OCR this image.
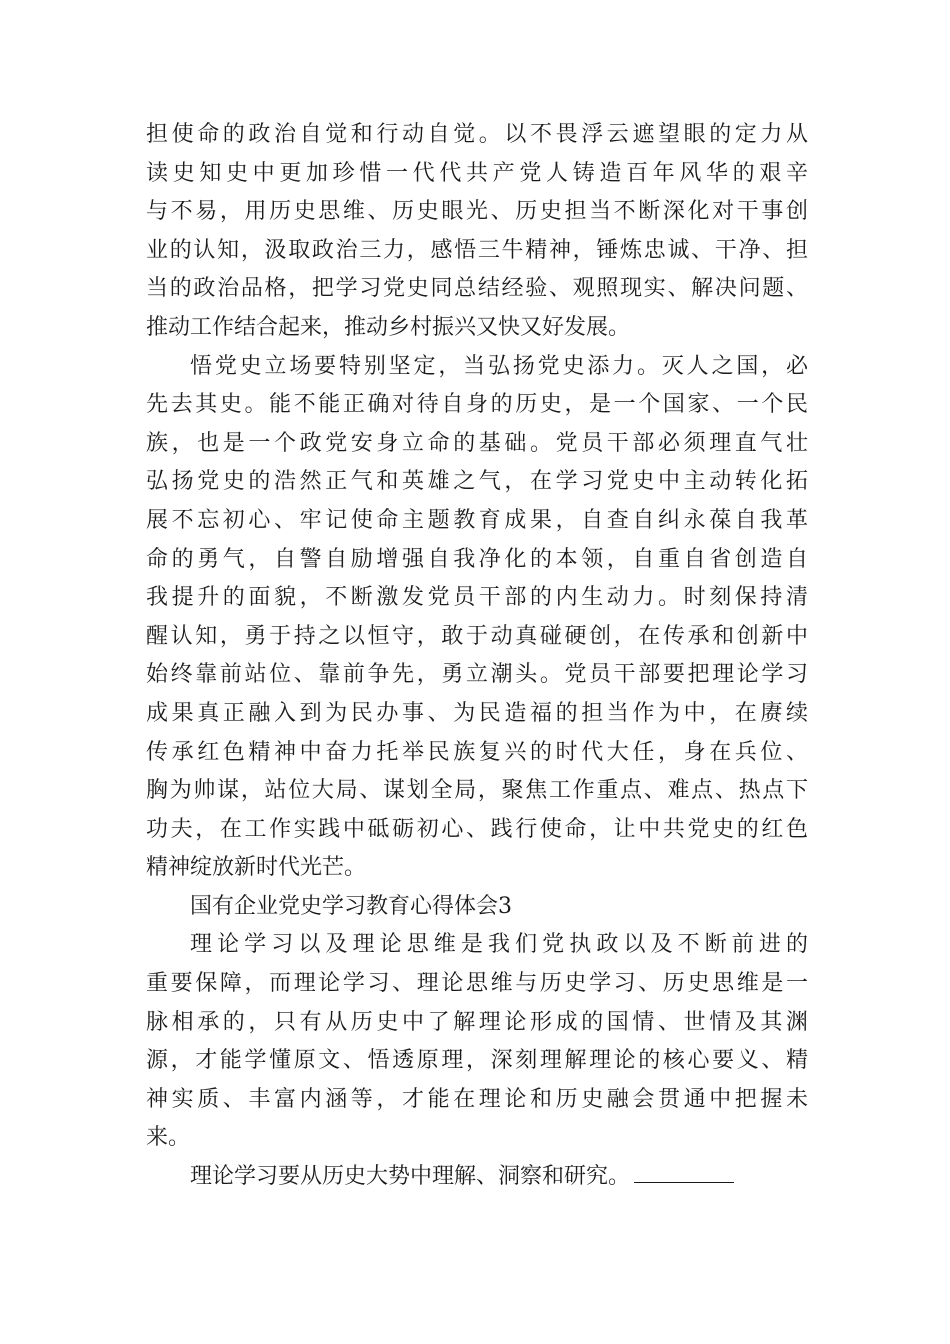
担使命的政治自觉和行动自觉。以不畏浮云遮望眼的定力从
读史知史中更加珍惜一代代共产党人铸造百年风华的艰辛
与不易，用历史思维、历史眼光、历史担当不断深化对干事创
业的认知，汲取政治三力，感悟三牛精神，锤炼忠诚、干净、担
当的政治品格，把学习党史同总结经验、观照现实、解决问题、
推动工作结合起来，推动乡村振兴又快又好发展。
悟党史立场要特别坚定，当弘扬党史添力。灭人之国，必
先去其史。能不能正确对待自身的历史，是一个国家、一个民
族，也是一个政党安身立命的基础。党员干部必须理直气壮
弘扬党史的浩然正气和英雄之气，在学习党史中主动转化拓
展不忘初心、牢记使命主题教育成果，自查自纠永葆自我革
命的勇气，自警自励增强自我净化的本领，自重自省创造自
我提升的面貌，不断激发党员干部的内生动力。时刻保持清
醒认知，勇于持之以恒守，敢于动真碰硬创，在传承和创新中
始终靠前站位、靠前争先，勇立潮头。党员干部要把理论学习
成果真正融入到为民办事、为民造福的担当作为中，在赓续
传承红色精神中奋力托举民族复兴的时代大任，身在兵位、
胸为帅谋，站位大局、谋划全局，聚焦工作重点、难点、热点下
功夫，在工作实践中砥砺初心、践行使命，让中共党史的红色
精神绽放新时代光芒。
国有企业党史学习教育心得体会3
理论学习以及理论思维是我们党执政以及不断前进的
重要保障，而理论学习、理论思维与历史学习、历史思维是一
脉相承的，只有从历史中了解理论形成的国情、世情及其渊
源，才能学懂原文、悟透原理，深刻理解理论的核心要义、精
神实质、丰富内涵等，才能在理论和历史融会贯通中把握未
来。
理论学习要从历史大势中理解、洞察和研究。
